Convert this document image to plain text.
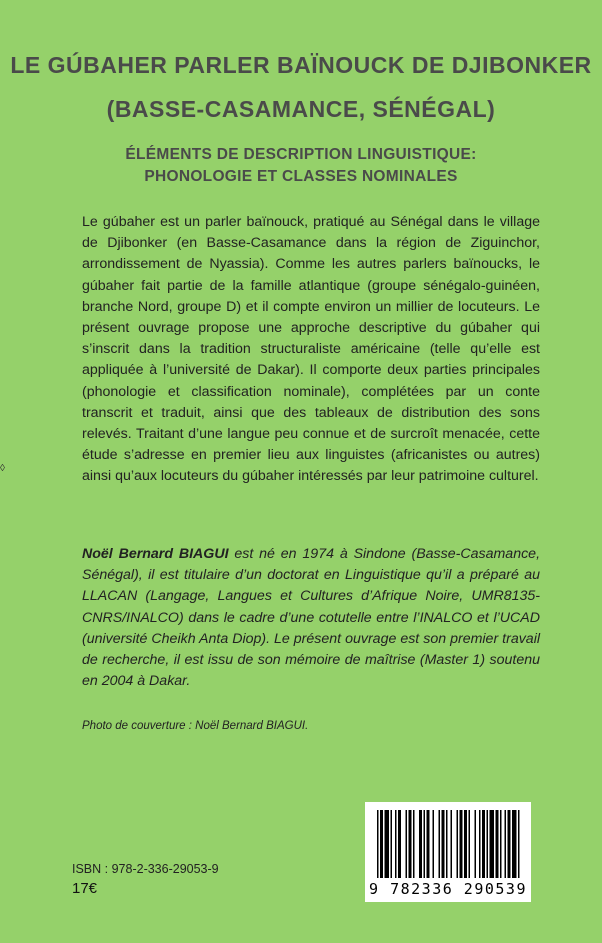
◊
LE GÚBAHER PARLER BAÏNOUCK DE DJIBONKER
(BASSE-CASAMANCE, SÉNÉGAL)
ÉLÉMENTS DE DESCRIPTION LINGUISTIQUE:
PHONOLOGIE ET CLASSES NOMINALES

Le gúbaher est un parler baïnouck, pratiqué au Sénégal dans le village de Djibonker (en Basse-Casamance dans la région de Ziguinchor, arrondissement de Nyassia). Comme les autres parlers baïnoucks, le gúbaher fait partie de la famille atlantique (groupe sénégalo-guinéen, branche Nord, groupe D) et il compte environ un millier de locuteurs. Le présent ouvrage propose une approche descriptive du gúbaher qui s’inscrit dans la tradition structuraliste américaine (telle qu’elle est appliquée à l’université de Dakar). Il comporte deux parties principales (phonologie et classification nominale), complétées par un conte transcrit et traduit, ainsi que des tableaux de distribution des sons relevés. Traitant d’une langue peu connue et de surcroît menacée, cette étude s’adresse en premier lieu aux linguistes (africanistes ou autres) ainsi qu’aux locuteurs du gúbaher intéressés par leur patrimoine culturel.

Noël Bernard BIAGUI est né en 1974 à Sindone (Basse-Casamance, Sénégal), il est titulaire d’un doctorat en Linguistique qu’il a préparé au LLACAN (Langage, Langues et Cultures d’Afrique Noire, UMR8135-CNRS/INALCO) dans le cadre d’une cotutelle entre l’INALCO et l’UCAD (université Cheikh Anta Diop). Le présent ouvrage est son premier travail de recherche, il est issu de son mémoire de maîtrise (Master 1) soutenu en 2004 à Dakar.
Photo de couverture : Noël Bernard BIAGUI.
ISBN : 978-2-336-29053-9
17€	9 782336 290539
